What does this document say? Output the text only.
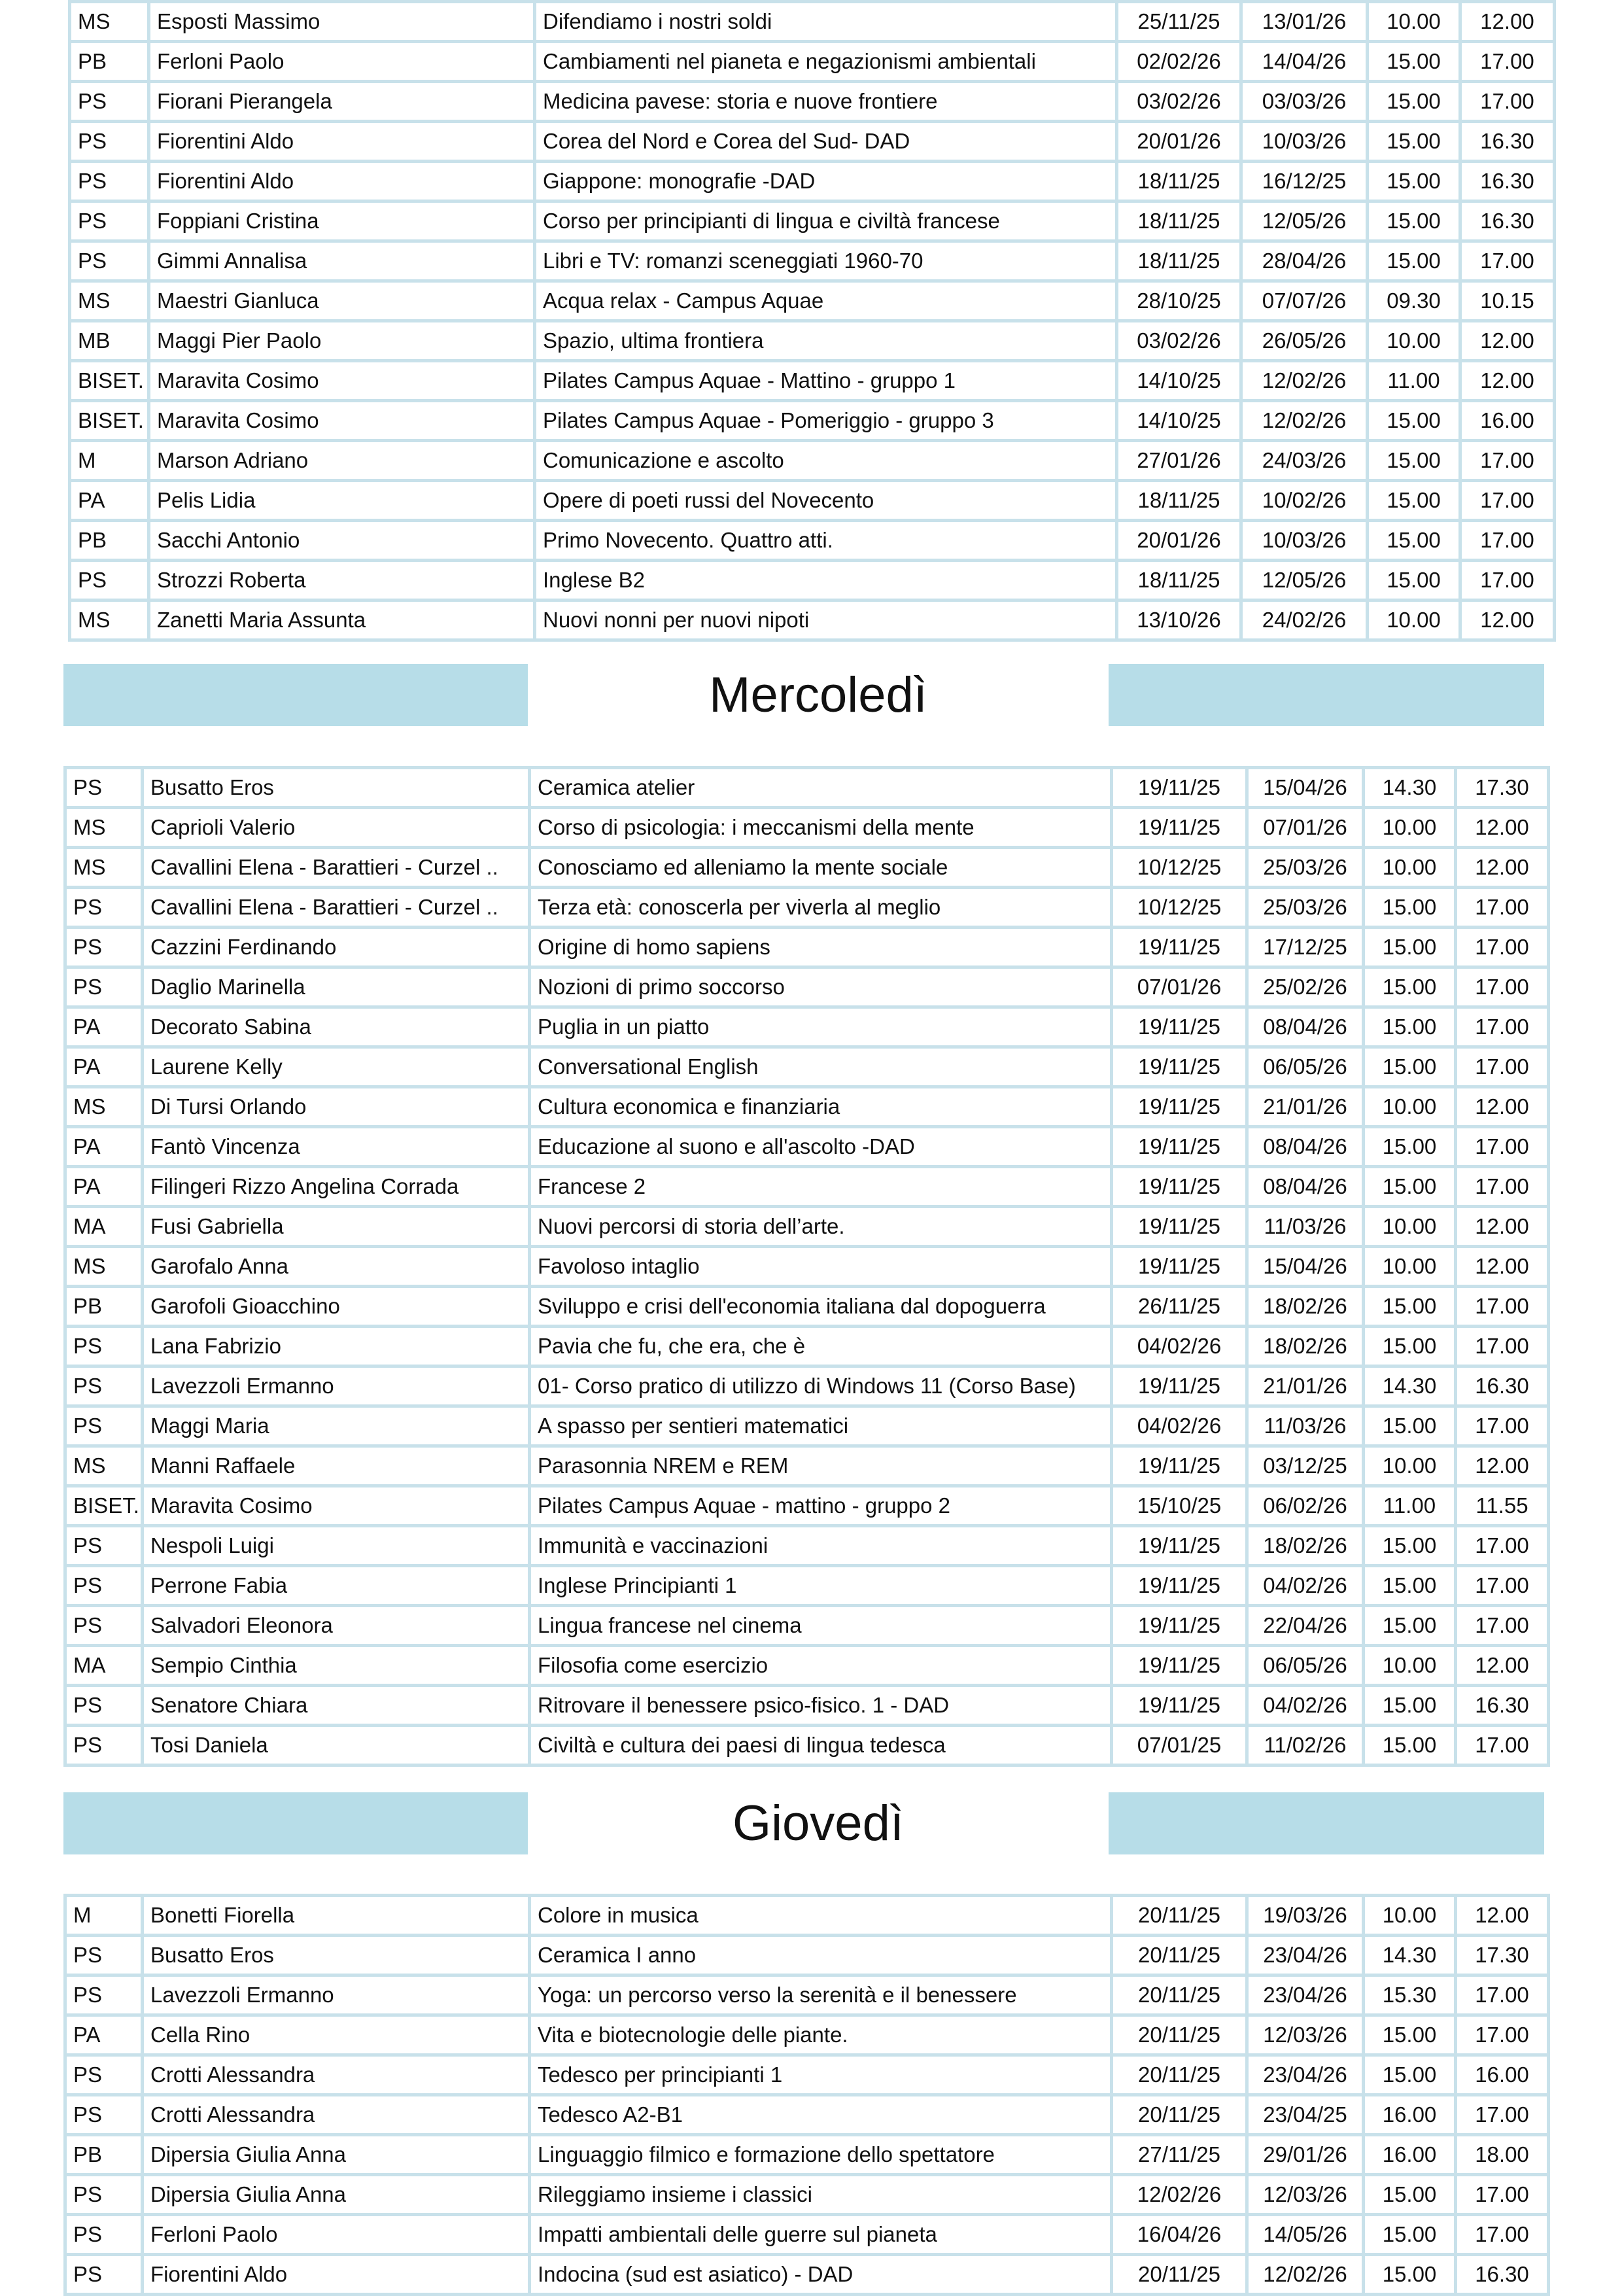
MS	Esposti Massimo	Difendiamo i nostri soldi	25/11/25	13/01/26	10.00	12.00
PB	Ferloni Paolo	Cambiamenti nel pianeta e negazionismi ambientali	02/02/26	14/04/26	15.00	17.00
PS	Fiorani Pierangela	Medicina pavese: storia e nuove frontiere	03/02/26	03/03/26	15.00	17.00
PS	Fiorentini Aldo	Corea del Nord e Corea del Sud- DAD	20/01/26	10/03/26	15.00	16.30
PS	Fiorentini Aldo	Giappone: monografie -DAD	18/11/25	16/12/25	15.00	16.30
PS	Foppiani Cristina	Corso per principianti di lingua e civiltà francese	18/11/25	12/05/26	15.00	16.30
PS	Gimmi Annalisa	Libri e TV: romanzi sceneggiati 1960-70	18/11/25	28/04/26	15.00	17.00
MS	Maestri Gianluca	Acqua relax - Campus Aquae	28/10/25	07/07/26	09.30	10.15
MB	Maggi Pier Paolo	Spazio, ultima frontiera	03/02/26	26/05/26	10.00	12.00
BISET.	Maravita Cosimo	Pilates Campus Aquae - Mattino - gruppo 1	14/10/25	12/02/26	11.00	12.00
BISET.	Maravita Cosimo	Pilates Campus Aquae - Pomeriggio - gruppo 3	14/10/25	12/02/26	15.00	16.00
M	Marson Adriano	Comunicazione e ascolto	27/01/26	24/03/26	15.00	17.00
PA	Pelis Lidia	Opere di poeti russi del Novecento	18/11/25	10/02/26	15.00	17.00
PB	Sacchi Antonio	Primo Novecento. Quattro atti.	20/01/26	10/03/26	15.00	17.00
PS	Strozzi Roberta	Inglese B2	18/11/25	12/05/26	15.00	17.00
MS	Zanetti Maria Assunta	Nuovi nonni per nuovi nipoti	13/10/26	24/02/26	10.00	12.00
Mercoledì
PS	Busatto Eros	Ceramica atelier	19/11/25	15/04/26	14.30	17.30
MS	Caprioli Valerio	Corso di psicologia: i meccanismi della mente	19/11/25	07/01/26	10.00	12.00
MS	Cavallini Elena - Barattieri - Curzel ..	Conosciamo ed alleniamo la mente sociale	10/12/25	25/03/26	10.00	12.00
PS	Cavallini Elena - Barattieri - Curzel ..	Terza età: conoscerla per viverla al meglio	10/12/25	25/03/26	15.00	17.00
PS	Cazzini Ferdinando	Origine di homo sapiens	19/11/25	17/12/25	15.00	17.00
PS	Daglio Marinella	Nozioni di primo soccorso	07/01/26	25/02/26	15.00	17.00
PA	Decorato Sabina	Puglia in un piatto	19/11/25	08/04/26	15.00	17.00
PA	Laurene Kelly	Conversational English	19/11/25	06/05/26	15.00	17.00
MS	Di Tursi Orlando	Cultura economica e finanziaria	19/11/25	21/01/26	10.00	12.00
PA	Fantò Vincenza	Educazione al suono e all'ascolto -DAD	19/11/25	08/04/26	15.00	17.00
PA	Filingeri Rizzo Angelina Corrada	Francese 2	19/11/25	08/04/26	15.00	17.00
MA	Fusi Gabriella	Nuovi percorsi di storia dell’arte.	19/11/25	11/03/26	10.00	12.00
MS	Garofalo Anna	Favoloso intaglio	19/11/25	15/04/26	10.00	12.00
PB	Garofoli Gioacchino	Sviluppo e crisi dell'economia italiana dal dopoguerra	26/11/25	18/02/26	15.00	17.00
PS	Lana Fabrizio	Pavia che fu, che era, che è	04/02/26	18/02/26	15.00	17.00
PS	Lavezzoli Ermanno	01- Corso pratico di utilizzo di Windows 11 (Corso Base)	19/11/25	21/01/26	14.30	16.30
PS	Maggi Maria	A spasso per sentieri matematici	04/02/26	11/03/26	15.00	17.00
MS	Manni Raffaele	Parasonnia NREM e REM	19/11/25	03/12/25	10.00	12.00
BISET.	Maravita Cosimo	Pilates Campus Aquae - mattino - gruppo 2	15/10/25	06/02/26	11.00	11.55
PS	Nespoli Luigi	Immunità e vaccinazioni	19/11/25	18/02/26	15.00	17.00
PS	Perrone Fabia	Inglese Principianti 1	19/11/25	04/02/26	15.00	17.00
PS	Salvadori Eleonora	Lingua francese nel cinema	19/11/25	22/04/26	15.00	17.00
MA	Sempio Cinthia	Filosofia come esercizio	19/11/25	06/05/26	10.00	12.00
PS	Senatore Chiara	Ritrovare il benessere psico-fisico. 1 - DAD	19/11/25	04/02/26	15.00	16.30
PS	Tosi Daniela	Civiltà e cultura dei paesi di lingua tedesca	07/01/25	11/02/26	15.00	17.00
Giovedì
M	Bonetti Fiorella	Colore in musica	20/11/25	19/03/26	10.00	12.00
PS	Busatto Eros	Ceramica I anno	20/11/25	23/04/26	14.30	17.30
PS	Lavezzoli Ermanno	Yoga: un percorso verso la serenità e il benessere	20/11/25	23/04/26	15.30	17.00
PA	Cella Rino	Vita e biotecnologie delle piante.	20/11/25	12/03/26	15.00	17.00
PS	Crotti Alessandra	Tedesco per principianti 1	20/11/25	23/04/26	15.00	16.00
PS	Crotti Alessandra	Tedesco A2-B1	20/11/25	23/04/25	16.00	17.00
PB	Dipersia Giulia Anna	Linguaggio filmico e formazione dello spettatore	27/11/25	29/01/26	16.00	18.00
PS	Dipersia Giulia Anna	Rileggiamo insieme i classici	12/02/26	12/03/26	15.00	17.00
PS	Ferloni Paolo	Impatti ambientali delle guerre sul pianeta	16/04/26	14/05/26	15.00	17.00
PS	Fiorentini Aldo	Indocina (sud est asiatico) - DAD	20/11/25	12/02/26	15.00	16.30
